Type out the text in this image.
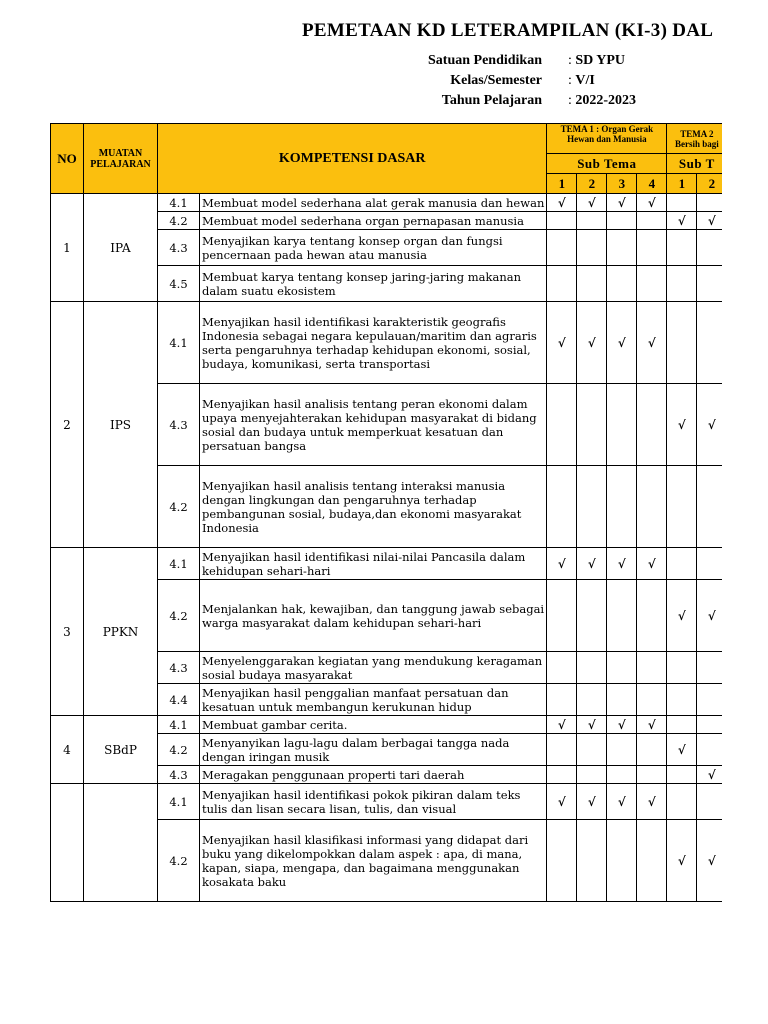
PEMETAAN KD LETERAMPILAN (KI-3) DAL
Satuan Pendidikan	: SD YPU
Kelas/Semester	: V/I
Tahun Pelajaran	: 2022-2023
NO	MUATAN PELAJARAN	KOMPETENSI DASAR		TEMA 1 : Organ Gerak Hewan dan Manusia				TEMA 2 Bersih bagi	
				Sub Tema				Sub T	
				1	2	3	4	1	2
1	IPA	4.1	Membuat model sederhana alat gerak manusia dan hewan	√	√	√	√		
		4.2	Membuat model sederhana organ pernapasan manusia					√	√
		4.3	Menyajikan karya tentang konsep organ dan fungsi pencernaan pada hewan atau manusia						
		4.5	Membuat karya tentang konsep jaring-jaring makanan dalam suatu ekosistem						
2	IPS	4.1	Menyajikan hasil identifikasi karakteristik geografis Indonesia sebagai negara kepulauan/maritim dan agraris serta pengaruhnya terhadap kehidupan ekonomi, sosial, budaya, komunikasi, serta transportasi	√	√	√	√		
		4.3	Menyajikan hasil analisis tentang peran ekonomi dalam upaya menyejahterakan kehidupan masyarakat di bidang sosial dan budaya untuk memperkuat kesatuan dan persatuan bangsa					√	√
		4.2	Menyajikan hasil analisis tentang interaksi manusia dengan lingkungan dan pengaruhnya terhadap pembangunan sosial, budaya,dan ekonomi masyarakat Indonesia						
3	PPKN	4.1	Menyajikan hasil identifikasi nilai-nilai Pancasila dalam kehidupan sehari-hari	√	√	√	√		
		4.2	Menjalankan hak, kewajiban, dan tanggung jawab sebagai warga masyarakat dalam kehidupan sehari-hari					√	√
		4.3	Menyelenggarakan kegiatan yang mendukung keragaman sosial budaya masyarakat						
		4.4	Menyajikan hasil penggalian manfaat persatuan dan kesatuan untuk membangun kerukunan hidup						
4	SBdP	4.1	Membuat gambar cerita.	√	√	√	√		
		4.2	Menyanyikan lagu-lagu dalam berbagai tangga nada dengan iringan musik					√	
		4.3	Meragakan penggunaan properti tari daerah						√
		4.1	Menyajikan hasil identifikasi pokok pikiran dalam teks tulis dan lisan secara lisan, tulis, dan visual	√	√	√	√		
		4.2	Menyajikan hasil klasifikasi informasi yang didapat dari buku yang dikelompokkan dalam aspek : apa, di mana, kapan, siapa, mengapa, dan bagaimana menggunakan kosakata baku					√	√
